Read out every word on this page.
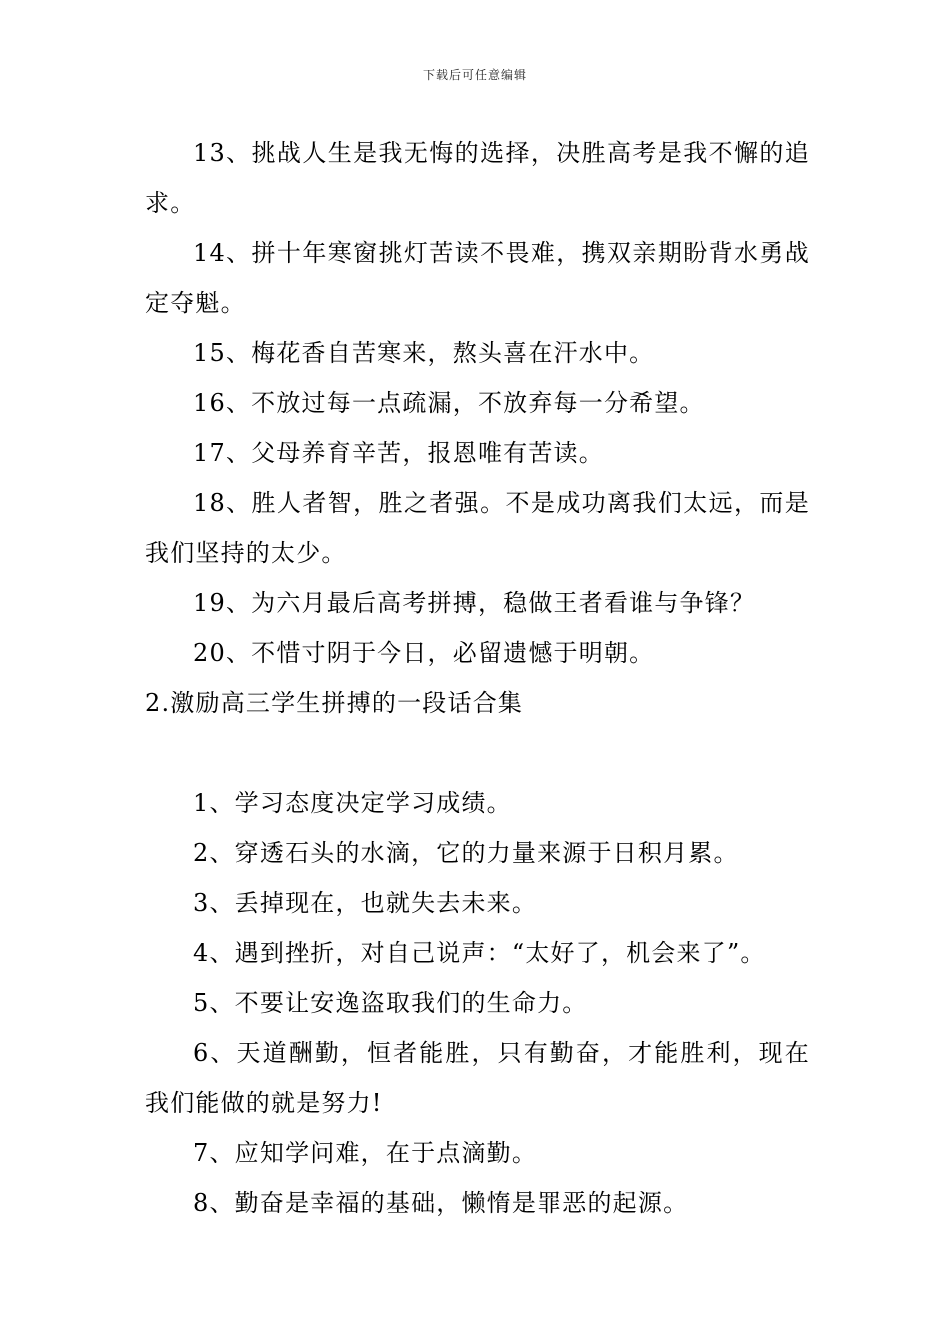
下载后可任意编辑

13、挑战人生是我无悔的选择，决胜高考是我不懈的追求。

14、拼十年寒窗挑灯苦读不畏难，携双亲期盼背水勇战定夺魁。

15、梅花香自苦寒来，熬头喜在汗水中。

16、不放过每一点疏漏，不放弃每一分希望。

17、父母养育辛苦，报恩唯有苦读。

18、胜人者智，胜之者强。不是成功离我们太远，而是我们坚持的太少。

19、为六月最后高考拼搏，稳做王者看谁与争锋？

20、不惜寸阴于今日，必留遗憾于明朝。

2.激励高三学生拼搏的一段话合集

1、学习态度决定学习成绩。

2、穿透石头的水滴，它的力量来源于日积月累。

3、丢掉现在，也就失去未来。

4、遇到挫折，对自己说声：“太好了，机会来了”。

5、不要让安逸盗取我们的生命力。

6、天道酬勤，恒者能胜，只有勤奋，才能胜利，现在我们能做的就是努力!

7、应知学问难，在于点滴勤。

8、勤奋是幸福的基础，懒惰是罪恶的起源。
